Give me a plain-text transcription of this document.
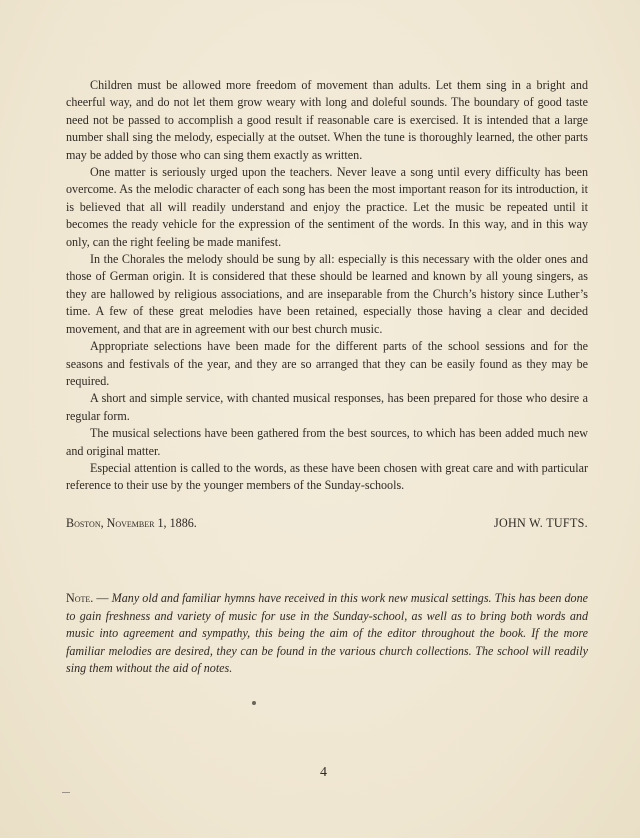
Children must be allowed more freedom of movement than adults. Let them sing in a bright and cheerful way, and do not let them grow weary with long and doleful sounds. The boundary of good taste need not be passed to accomplish a good result if reasonable care is exercised. It is intended that a large number shall sing the melody, especially at the outset. When the tune is thoroughly learned, the other parts may be added by those who can sing them exactly as written.

One matter is seriously urged upon the teachers. Never leave a song until every difficulty has been overcome. As the melodic character of each song has been the most important reason for its introduction, it is believed that all will readily understand and enjoy the practice. Let the music be repeated until it becomes the ready vehicle for the expression of the sentiment of the words. In this way, and in this way only, can the right feeling be made manifest.

In the Chorales the melody should be sung by all: especially is this necessary with the older ones and those of German origin. It is considered that these should be learned and known by all young singers, as they are hallowed by religious associations, and are inseparable from the Church’s history since Luther’s time. A few of these great melodies have been retained, especially those having a clear and decided movement, and that are in agreement with our best church music.

Appropriate selections have been made for the different parts of the school sessions and for the seasons and festivals of the year, and they are so arranged that they can be easily found as they may be required.

A short and simple service, with chanted musical responses, has been prepared for those who desire a regular form.

The musical selections have been gathered from the best sources, to which has been added much new and original matter.

Especial attention is called to the words, as these have been chosen with great care and with particular reference to their use by the younger members of the Sunday-schools.

Boston, November 1, 1886.	JOHN W. TUFTS.
Note. — Many old and familiar hymns have received in this work new musical settings. This has been done to gain freshness and variety of music for use in the Sunday-school, as well as to bring both words and music into agreement and sympathy, this being the aim of the editor throughout the book. If the more familiar melodies are desired, they can be found in the various church collections. The school will readily sing them without the aid of notes.
4
